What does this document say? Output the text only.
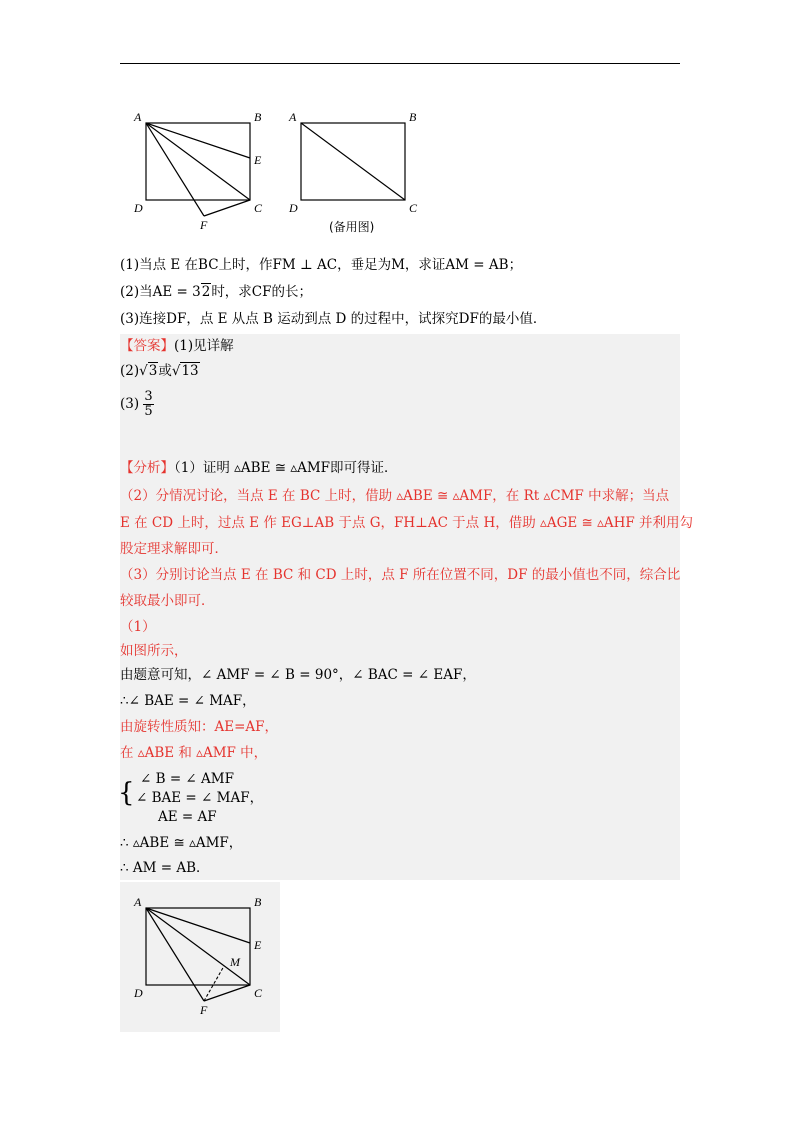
A	B
C
D
E
F
A	B
C
D
(备用图)
(1)当点 E 在BC上时，作FM ⊥ AC，垂足为M，求证AM = AB；
(2)当AE = 32时，求CF的长；
(3)连接DF，点 E 从点 B 运动到点 D 的过程中，试探究DF的最小值．
【答案】(1)见详解
(2)√3或√13
$(3) \frac{3}{5}$
【分析】（1）证明 ▵ABE ≅ ▵AMF即可得证．
（2）分情况讨论，当点 E 在 BC 上时，借助 ▵ABE ≅ ▵AMF，在 Rt ▵CMF 中求解；当点
E 在 CD 上时，过点 E 作 EG⊥AB 于点 G，FH⊥AC 于点 H，借助 ▵AGE ≅ ▵AHF 并利用勾
股定理求解即可．
（3）分别讨论当点 E 在 BC 和 CD 上时，点 F 所在位置不同，DF 的最小值也不同，综合比
较取最小即可．
（1）
如图所示，
由题意可知，∠ AMF = ∠ B = 90°，∠ BAC = ∠ EAF，
∴∠ BAE = ∠ MAF，
由旋转性质知：AE=AF，
在 ▵ABE 和 ▵AMF 中，
{ ∠ B = ∠ AMF
∠ BAE = ∠ MAF，
AE = AF
∴ ▵ABE ≅ ▵AMF，
∴ AM = AB．
A	B
C
D
E
F
M
